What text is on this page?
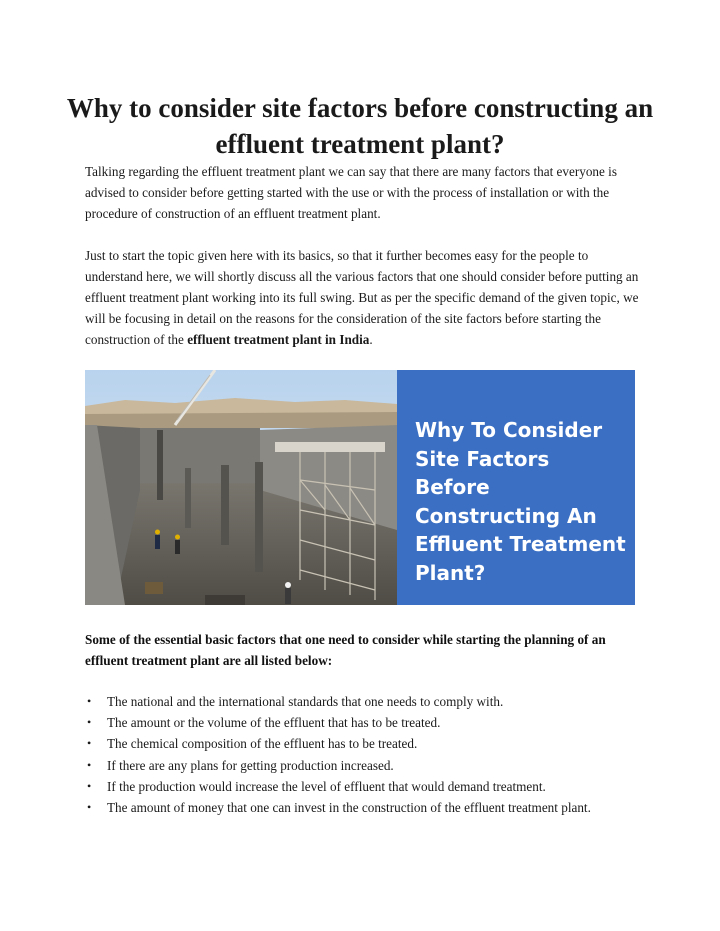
Why to consider site factors before constructing an effluent treatment plant?

Talking regarding the effluent treatment plant we can say that there are many factors that everyone is advised to consider before getting started with the use or with the process of installation or with the procedure of construction of an effluent treatment plant.

Just to start the topic given here with its basics, so that it further becomes easy for the people to understand here, we will shortly discuss all the various factors that one should consider before putting an effluent treatment plant working into its full swing. But as per the specific demand of the given topic, we will be focusing in detail on the reasons for the consideration of the site factors before starting the construction of the effluent treatment plant in India.

Why To Consider
Site Factors Before
Constructing An
Effluent Treatment
Plant?

Some of the essential basic factors that one need to consider while starting the planning of an effluent treatment plant are all listed below:

• The national and the international standards that one needs to comply with.
• The amount or the volume of the effluent that has to be treated.
• The chemical composition of the effluent has to be treated.
• If there are any plans for getting production increased.
• If the production would increase the level of effluent that would demand treatment.
• The amount of money that one can invest in the construction of the effluent treatment plant.
